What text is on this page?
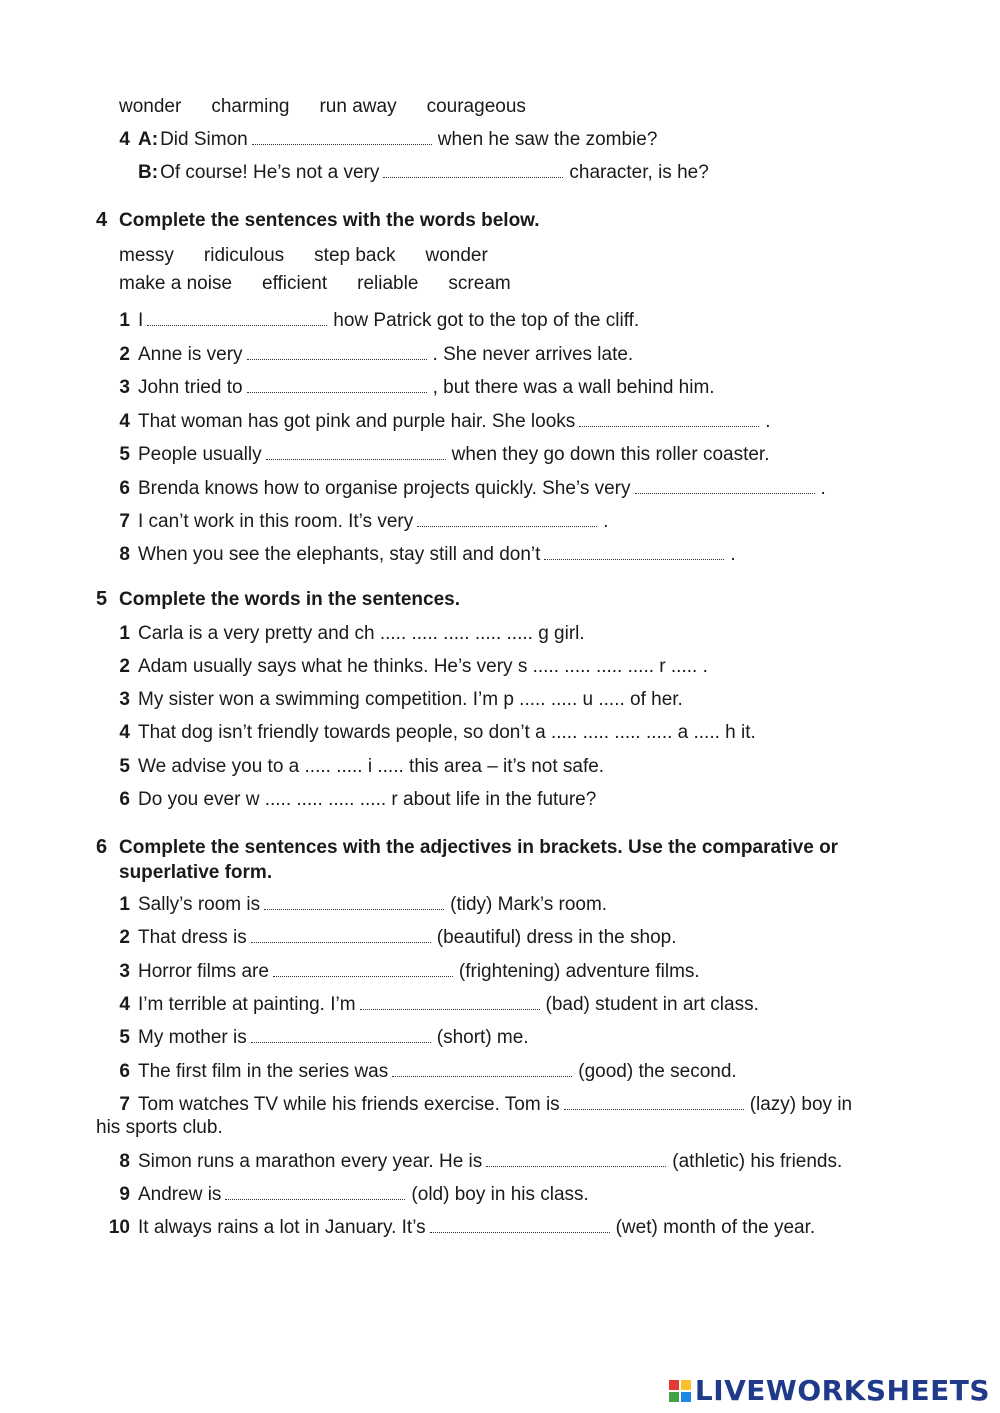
wonder charming run away courageous
4 A: Did Simon	when he saw the zombie?
B: Of course! He’s not a very	character, is he?
4 Complete the sentences with the words below.
messy ridiculous step back wonder
make a noise efficient reliable scream
1 I	how Patrick got to the top of the cliff.
2 Anne is very	. She never arrives late.
3 John tried to	, but there was a wall behind him.
4 That woman has got pink and purple hair. She looks	.
5 People usually	when they go down this roller coaster.
6 Brenda knows how to organise projects quickly. She’s very	.
7 I can’t work in this room. It’s very	.
8 When you see the elephants, stay still and don’t	.
5 Complete the words in the sentences.
1 Carla is a very pretty and ch ..... ..... ..... ..... ..... g girl.
2 Adam usually says what he thinks. He’s very s ..... ..... ..... ..... r ..... .
3 My sister won a swimming competition. I’m p ..... ..... u ..... of her.
4 That dog isn’t friendly towards people, so don’t a ..... ..... ..... ..... a ..... h it.
5 We advise you to a ..... ..... i ..... this area – it’s not safe.
6 Do you ever w ..... ..... ..... ..... r about life in the future?
6 Complete the sentences with the adjectives in brackets. Use the comparative or superlative form.
1 Sally’s room is	(tidy) Mark’s room.
2 That dress is	(beautiful) dress in the shop.
3 Horror films are	(frightening) adventure films.
4 I’m terrible at painting. I’m	(bad) student in art class.
5 My mother is	(short) me.
6 The first film in the series was	(good) the second.
7 Tom watches TV while his friends exercise. Tom is	(lazy) boy in
his sports club.
8 Simon runs a marathon every year. He is	(athletic) his friends.
9 Andrew is	(old) boy in his class.
10 It always rains a lot in January. It’s	(wet) month of the year.
LIVEWORKSHEETS
